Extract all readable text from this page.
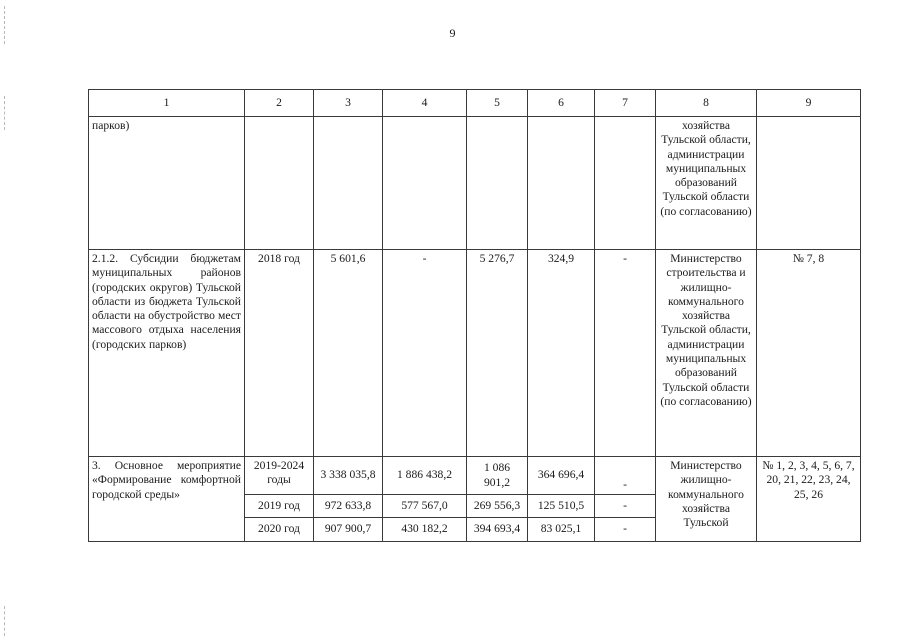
9
1	2	3	4	5	6	7	8	9
парков)							хозяйства Тульской области, администрации муниципальных образований Тульской области (по согласованию)	
2.1.2. Субсидии бюджетам муниципальных районов (городских округов) Тульской области из бюджета Тульской области на обустройство мест массового отдыха населения (городских парков)	2018 год	5 601,6	-	5 276,7	324,9	-	Министерство строительства и жилищно-коммунального хозяйства Тульской области, администрации муниципальных образований Тульской области (по согласованию)	№ 7, 8
3. Основное мероприятие «Формирование комфортной городской среды»	2019-2024 годы	3 338 035,8	1 886 438,2	1 086 901,2	364 696,4	-	Министерство жилищно-коммунального хозяйства Тульской	№ 1, 2, 3, 4, 5, 6, 7, 20, 21, 22, 23, 24, 25, 26
	2019 год	972 633,8	577 567,0	269 556,3	125 510,5	-		
	2020 год	907 900,7	430 182,2	394 693,4	83 025,1	-		
